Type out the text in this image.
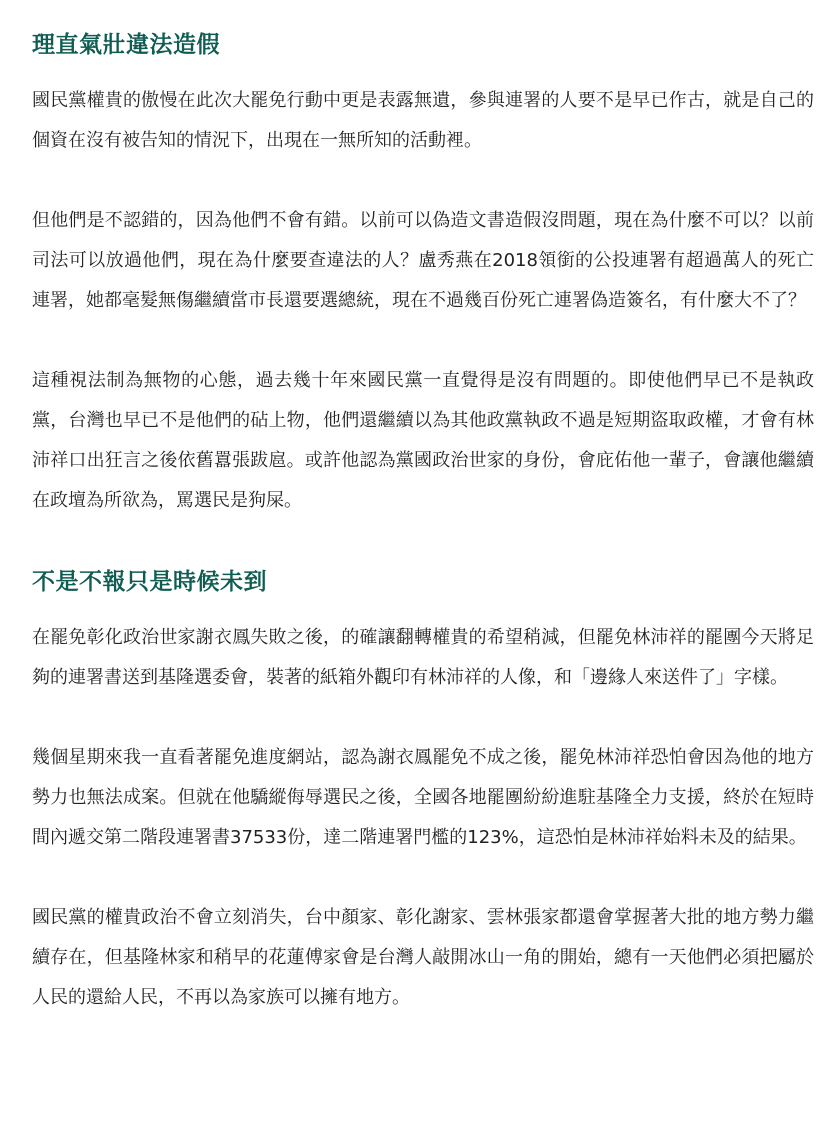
理直氣壯違法造假

國民黨權貴的傲慢在此次大罷免行動中更是表露無遺，參與連署的人要不是早已作古，就是自己的個資在沒有被告知的情況下，出現在一無所知的活動裡。

但他們是不認錯的，因為他們不會有錯。以前可以偽造文書造假沒問題，現在為什麼不可以？以前司法可以放過他們，現在為什麼要查違法的人？盧秀燕在2018領銜的公投連署有超過萬人的死亡連署，她都毫髮無傷繼續當市長還要選總統，現在不過幾百份死亡連署偽造簽名，有什麼大不了？

這種視法制為無物的心態，過去幾十年來國民黨一直覺得是沒有問題的。即使他們早已不是執政黨，台灣也早已不是他們的砧上物，他們還繼續以為其他政黨執政不過是短期盜取政權，才會有林沛祥口出狂言之後依舊囂張跋扈。或許他認為黨國政治世家的身份，會庇佑他一輩子，會讓他繼續在政壇為所欲為，罵選民是狗屎。

不是不報只是時候未到

在罷免彰化政治世家謝衣鳳失敗之後，的確讓翻轉權貴的希望稍減，但罷免林沛祥的罷團今天將足夠的連署書送到基隆選委會，裝著的紙箱外觀印有林沛祥的人像，和「邊緣人來送件了」字樣。

幾個星期來我一直看著罷免進度網站，認為謝衣鳳罷免不成之後，罷免林沛祥恐怕會因為他的地方勢力也無法成案。但就在他驕縱侮辱選民之後，全國各地罷團紛紛進駐基隆全力支援，終於在短時間內遞交第二階段連署書37533份，達二階連署門檻的123%，這恐怕是林沛祥始料未及的結果。

國民黨的權貴政治不會立刻消失，台中顏家、彰化謝家、雲林張家都還會掌握著大批的地方勢力繼續存在，但基隆林家和稍早的花蓮傅家會是台灣人敲開冰山一角的開始，總有一天他們必須把屬於人民的還給人民，不再以為家族可以擁有地方。
